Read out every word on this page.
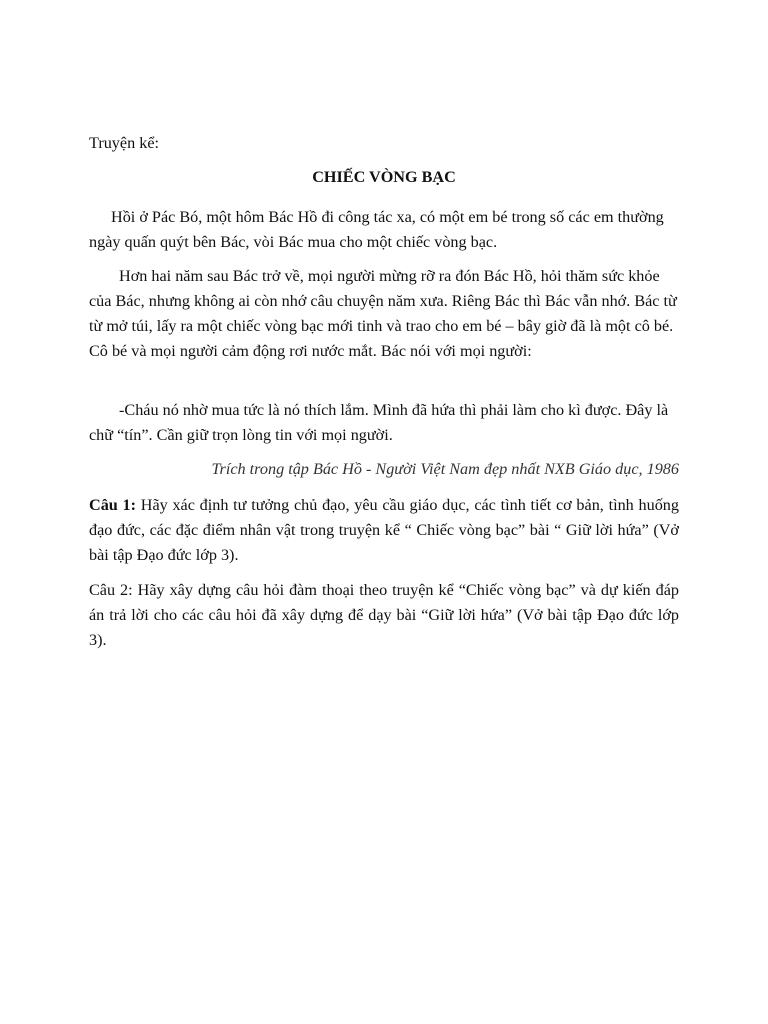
Truyện kể:

CHIẾC VÒNG BẠC

Hồi ở Pác Bó, một hôm Bác Hồ đi công tác xa, có một em bé trong số các em thường ngày quấn quýt bên Bác, vòi Bác mua cho một chiếc vòng bạc.

Hơn hai năm sau Bác trở về, mọi người mừng rỡ ra đón Bác Hồ, hỏi thăm sức khỏe của Bác, nhưng không ai còn nhớ câu chuyện năm xưa. Riêng Bác thì Bác vẫn nhớ. Bác từ từ mở túi, lấy ra một chiếc vòng bạc mới tinh và trao cho em bé – bây giờ đã là một cô bé. Cô bé và mọi người cảm động rơi nước mắt. Bác nói với mọi người:

-Cháu nó nhờ mua tức là nó thích lắm. Mình đã hứa thì phải làm cho kì được. Đây là chữ “tín”. Cần giữ trọn lòng tin với mọi người.

Trích trong tập Bác Hồ - Người Việt Nam đẹp nhất NXB Giáo dục, 1986

Câu 1: Hãy xác định tư tưởng chủ đạo, yêu cầu giáo dục, các tình tiết cơ bản, tình huống đạo đức, các đặc điểm nhân vật trong truyện kể “ Chiếc vòng bạc” bài “ Giữ lời hứa” (Vở bài tập Đạo đức lớp 3).

Câu 2: Hãy xây dựng câu hỏi đàm thoại theo truyện kể “Chiếc vòng bạc” và dự kiến đáp án trả lời cho các câu hỏi đã xây dựng để dạy bài “Giữ lời hứa” (Vở bài tập Đạo đức lớp 3).
